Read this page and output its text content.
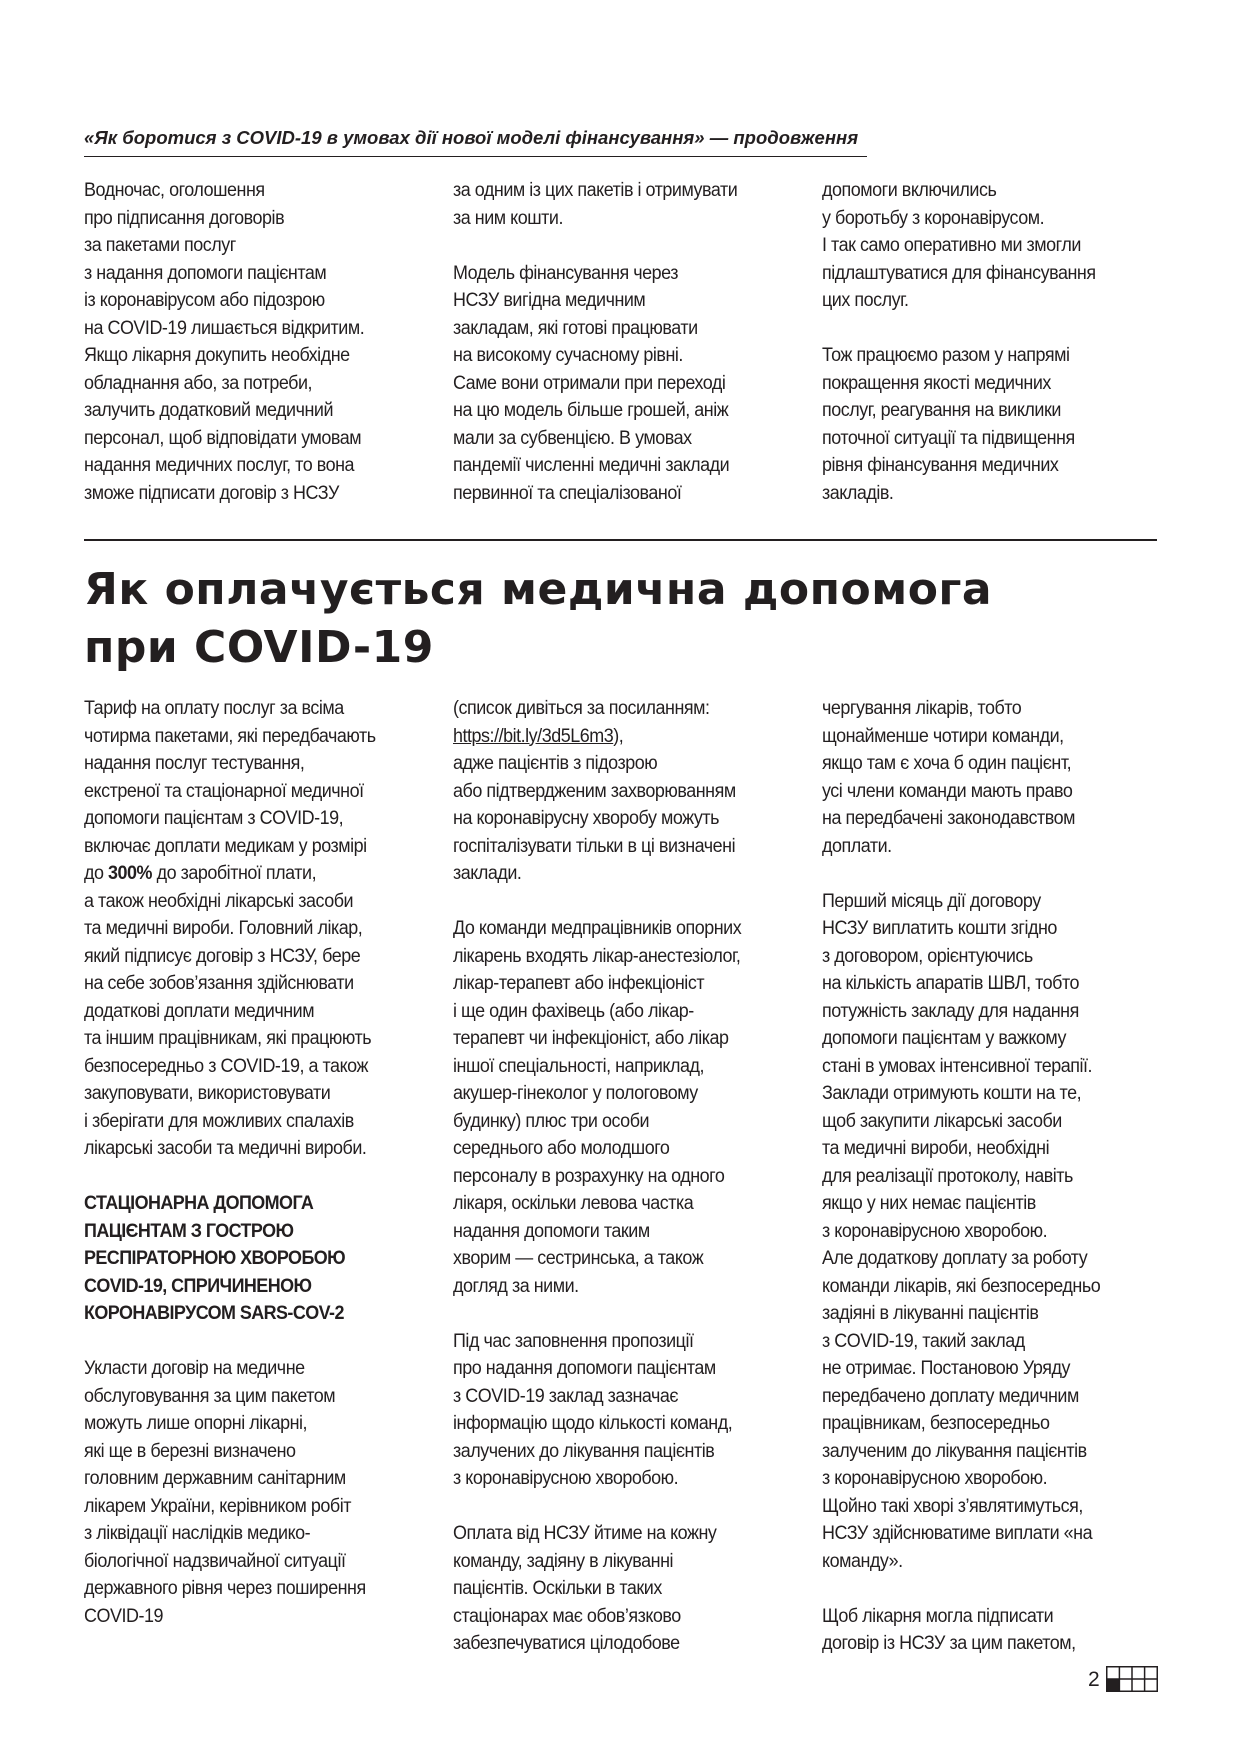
«Як боротися з COVID-19 в умовах дії нової моделі фінансування» — продовження

Водночас, оголошення
про підписання договорів
за пакетами послуг
з надання допомоги пацієнтам
із коронавірусом або підозрою
на COVID-19 лишається відкритим.
Якщо лікарня докупить необхідне
обладнання або, за потреби,
залучить додатковий медичний
персонал, щоб відповідати умовам
надання медичних послуг, то вона
зможе підписати договір з НСЗУ

за одним із цих пакетів і отримувати
за ним кошти.

Модель фінансування через
НСЗУ вигідна медичним
закладам, які готові працювати
на високому сучасному рівні.
Саме вони отримали при переході
на цю модель більше грошей, аніж
мали за субвенцією. В умовах
пандемії численні медичні заклади
первинної та спеціалізованої

допомоги включились
у боротьбу з коронавірусом.
І так само оперативно ми змогли
підлаштуватися для фінансування
цих послуг.

Тож працюємо разом у напрямі
покращення якості медичних
послуг, реагування на виклики
поточної ситуації та підвищення
рівня фінансування медичних
закладів.

Як оплачується медична допомога
при COVID-19

Тариф на оплату послуг за всіма
чотирма пакетами, які передбачають
надання послуг тестування,
екстреної та стаціонарної медичної
допомоги пацієнтам з COVID-19,
включає доплати медикам у розмірі
до 300% до заробітної плати,
а також необхідні лікарські засоби
та медичні вироби. Головний лікар,
який підписує договір з НСЗУ, бере
на себе зобов’язання здійснювати
додаткові доплати медичним
та іншим працівникам, які працюють
безпосередньо з COVID-19, а також
закуповувати, використовувати
і зберігати для можливих спалахів
лікарські засоби та медичні вироби.

СТАЦІОНАРНА ДОПОМОГА
ПАЦІЄНТАМ З ГОСТРОЮ
РЕСПІРАТОРНОЮ ХВОРОБОЮ
COVID-19, СПРИЧИНЕНОЮ
КОРОНАВІРУСОМ SARS-COV-2

Укласти договір на медичне
обслуговування за цим пакетом
можуть лише опорні лікарні,
які ще в березні визначено
головним державним санітарним
лікарем України, керівником робіт
з ліквідації наслідків медико-
біологічної надзвичайної ситуації
державного рівня через поширення
COVID-19

(список дивіться за посиланням:
https://bit.ly/3d5L6m3),
адже пацієнтів з підозрою
або підтвердженим захворюванням
на коронавірусну хворобу можуть
госпіталізувати тільки в ці визначені
заклади.

До команди медпрацівників опорних
лікарень входять лікар-анестезіолог,
лікар-терапевт або інфекціоніст
і ще один фахівець (або лікар-
терапевт чи інфекціоніст, або лікар
іншої спеціальності, наприклад,
акушер-гінеколог у пологовому
будинку) плюс три особи
середнього або молодшого
персоналу в розрахунку на одного
лікаря, оскільки левова частка
надання допомоги таким
хворим — сестринська, а також
догляд за ними.

Під час заповнення пропозиції
про надання допомоги пацієнтам
з COVID-19 заклад зазначає
інформацію щодо кількості команд,
залучених до лікування пацієнтів
з коронавірусною хворобою.

Оплата від НСЗУ йтиме на кожну
команду, задіяну в лікуванні
пацієнтів. Оскільки в таких
стаціонарах має обов’язково
забезпечуватися цілодобове

чергування лікарів, тобто
щонайменше чотири команди,
якщо там є хоча б один пацієнт,
усі члени команди мають право
на передбачені законодавством
доплати.

Перший місяць дії договору
НСЗУ виплатить кошти згідно
з договором, орієнтуючись
на кількість апаратів ШВЛ, тобто
потужність закладу для надання
допомоги пацієнтам у важкому
стані в умовах інтенсивної терапії.
Заклади отримують кошти на те,
щоб закупити лікарські засоби
та медичні вироби, необхідні
для реалізації протоколу, навіть
якщо у них немає пацієнтів
з коронавірусною хворобою.
Але додаткову доплату за роботу
команди лікарів, які безпосередньо
задіяні в лікуванні пацієнтів
з COVID-19, такий заклад
не отримає. Постановою Уряду
передбачено доплату медичним
працівникам, безпосередньо
залученим до лікування пацієнтів
з коронавірусною хворобою.
Щойно такі хворі з’являтимуться,
НСЗУ здійснюватиме виплати «на
команду».

Щоб лікарня могла підписати
договір із НСЗУ за цим пакетом,

2
